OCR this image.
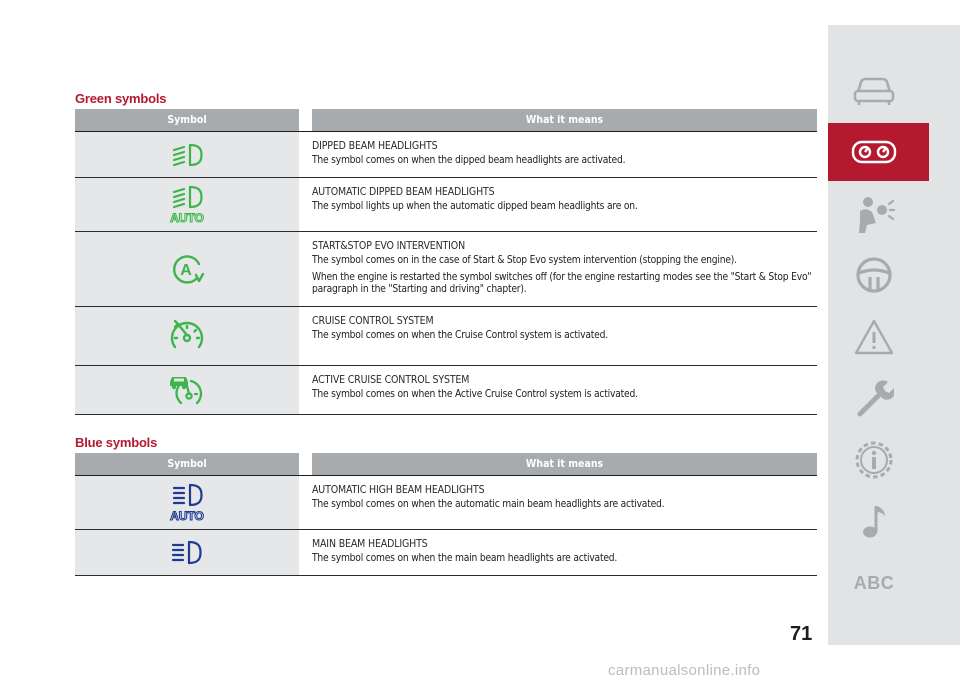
Green symbols
Symbol	What it means
DIPPED BEAM HEADLIGHTS
The symbol comes on when the dipped beam headlights are activated.
AUTO
AUTOMATIC DIPPED BEAM HEADLIGHTS
The symbol lights up when the automatic dipped beam headlights are on.
A
START&STOP EVO INTERVENTION
The symbol comes on in the case of Start & Stop Evo system intervention (stopping the engine).
When the engine is restarted the symbol switches off (for the engine restarting modes see the "Start & Stop Evo" paragraph in the "Starting and driving" chapter).
CRUISE CONTROL SYSTEM
The symbol comes on when the Cruise Control system is activated.
ACTIVE CRUISE CONTROL SYSTEM
The symbol comes on when the Active Cruise Control system is activated.
Blue symbols
Symbol	What it means
AUTO
AUTOMATIC HIGH BEAM HEADLIGHTS
The symbol comes on when the automatic main beam headlights are activated.
MAIN BEAM HEADLIGHTS
The symbol comes on when the main beam headlights are activated.
ABC
71
carmanualsonline.info
